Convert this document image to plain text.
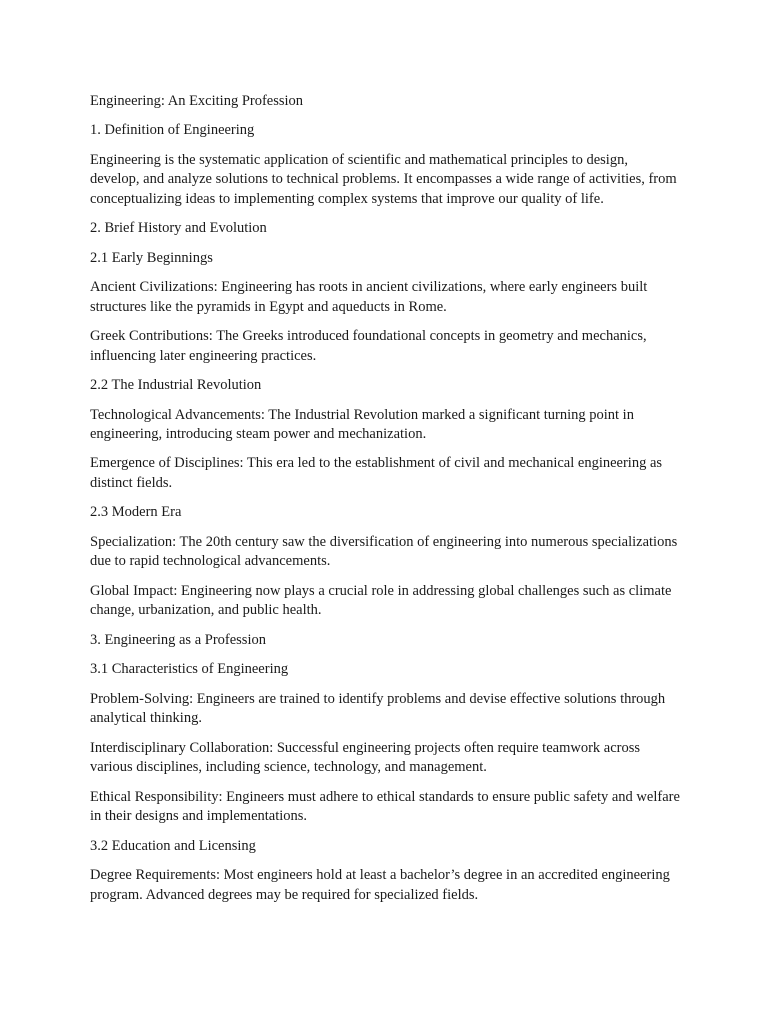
Engineering: An Exciting Profession

1. Definition of Engineering

Engineering is the systematic application of scientific and mathematical principles to design, develop, and analyze solutions to technical problems. It encompasses a wide range of activities, from conceptualizing ideas to implementing complex systems that improve our quality of life.

2. Brief History and Evolution

2.1 Early Beginnings

Ancient Civilizations: Engineering has roots in ancient civilizations, where early engineers built structures like the pyramids in Egypt and aqueducts in Rome.

Greek Contributions: The Greeks introduced foundational concepts in geometry and mechanics, influencing later engineering practices.

2.2 The Industrial Revolution

Technological Advancements: The Industrial Revolution marked a significant turning point in engineering, introducing steam power and mechanization.

Emergence of Disciplines: This era led to the establishment of civil and mechanical engineering as distinct fields.

2.3 Modern Era

Specialization: The 20th century saw the diversification of engineering into numerous specializations due to rapid technological advancements.

Global Impact: Engineering now plays a crucial role in addressing global challenges such as climate change, urbanization, and public health.

3. Engineering as a Profession

3.1 Characteristics of Engineering

Problem-Solving: Engineers are trained to identify problems and devise effective solutions through analytical thinking.

Interdisciplinary Collaboration: Successful engineering projects often require teamwork across various disciplines, including science, technology, and management.

Ethical Responsibility: Engineers must adhere to ethical standards to ensure public safety and welfare in their designs and implementations.

3.2 Education and Licensing

Degree Requirements: Most engineers hold at least a bachelor’s degree in an accredited engineering program. Advanced degrees may be required for specialized fields.
